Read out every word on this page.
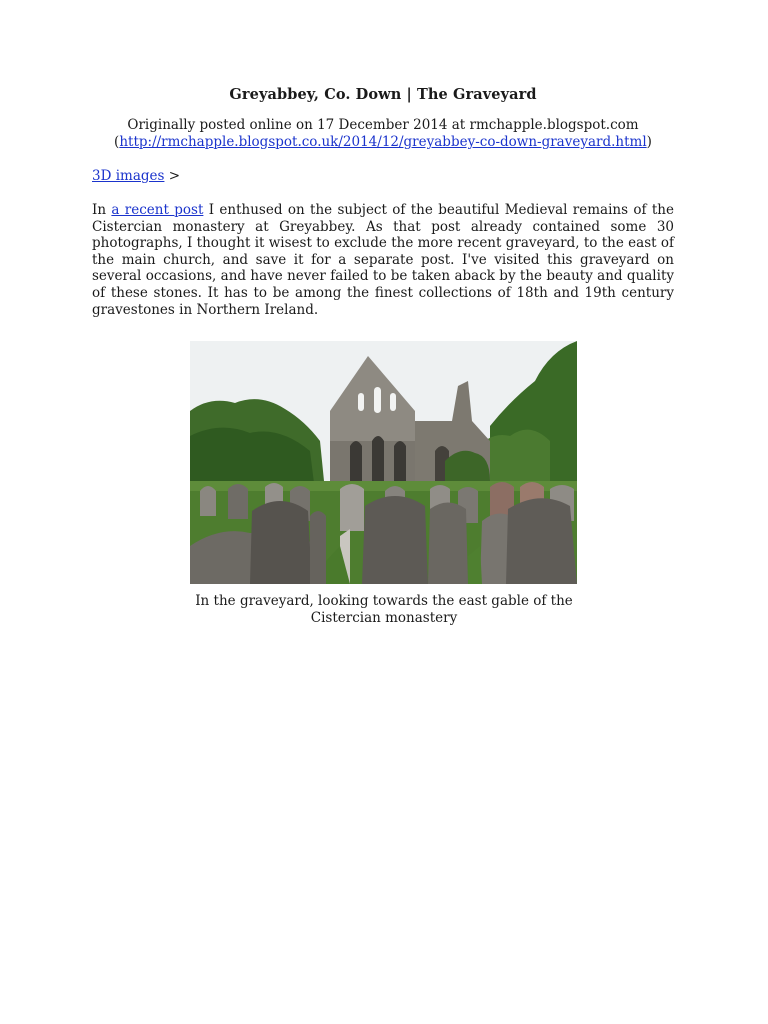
Greyabbey, Co. Down | The Graveyard

Originally posted online on 17 December 2014 at rmchapple.blogspot.com
(http://rmchapple.blogspot.co.uk/2014/12/greyabbey-co-down-graveyard.html)

3D images >

In a recent post I enthused on the subject of the beautiful Medieval remains of the Cistercian monastery at Greyabbey. As that post already contained some 30 photographs, I thought it wisest to exclude the more recent graveyard, to the east of the main church, and save it for a separate post. I've visited this graveyard on several occasions, and have never failed to be taken aback by the beauty and quality of these stones. It has to be among the finest collections of 18th and 19th century gravestones in Northern Ireland.

In the graveyard, looking towards the east gable of the Cistercian monastery
